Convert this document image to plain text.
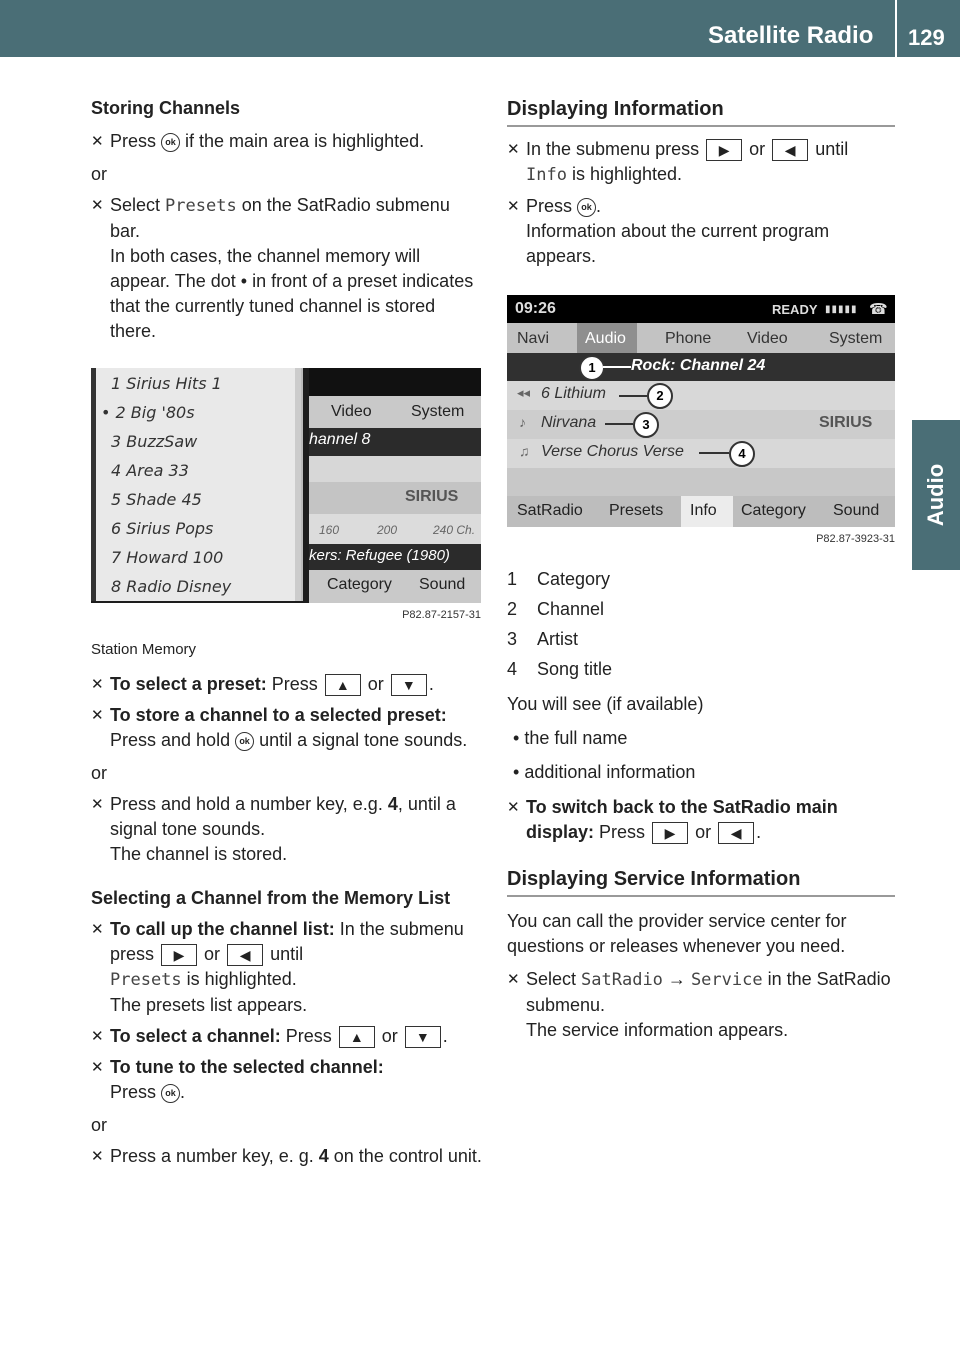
Satellite Radio 129
Audio

Storing Channels

✕ Press ok if the main area is highlighted.

or

✕ Select Presets on the SatRadio submenu bar.
In both cases, the channel memory will appear. The dot • in front of a preset indicates that the currently tuned channel is stored there.
1 Sirius Hits 1
• 2 Big '80s
3 BuzzSaw
4 Area 33
5 Shade 45
6 Sirius Pops
7 Howard 100
8 Radio Disney
Video System
hannel 8
SIRIUS
160	200	240 Ch.
kers: Refugee (1980)
Category Sound
P82.87-2157-31

Station Memory

✕ To select a preset: Press ▲ or ▼ .
✕ To store a channel to a selected preset:
Press and hold ok until a signal tone sounds.

or

✕ Press and hold a number key, e.g. 4, until a signal tone sounds.
The channel is stored.

Selecting a Channel from the Memory List

✕ To call up the channel list: In the submenu press ▶ or ◀ until
Presets is highlighted.
The presets list appears.
✕ To select a channel: Press ▲ or ▼ .
✕ To tune to the selected channel:
Press ok .

or

✕ Press a number key, e. g. 4 on the control unit.

Displaying Information

✕ In the submenu press ▶ or ◀ until
Info is highlighted.
✕ Press ok .
Information about the current program appears.
09:26	READY ▮▮▮▮▮ ☎
Navi Audio Phone Video	System
Rock: Channel 24
◂◂ 6 Lithium
♪ Nirvana	SIRIUS
♫ Verse Chorus Verse
1
2
3
4
SatRadio Presets Info Category Sound
P82.87-3923-31
1 Category
2 Channel
3 Artist
4 Song title

You will see (if available)

• the full name
• additional information
✕ To switch back to the SatRadio main display: Press ▶ or ◀ .

Displaying Service Information

You can call the provider service center for questions or releases whenever you need.

✕ Select SatRadio → Service in the SatRadio submenu.
The service information appears.
